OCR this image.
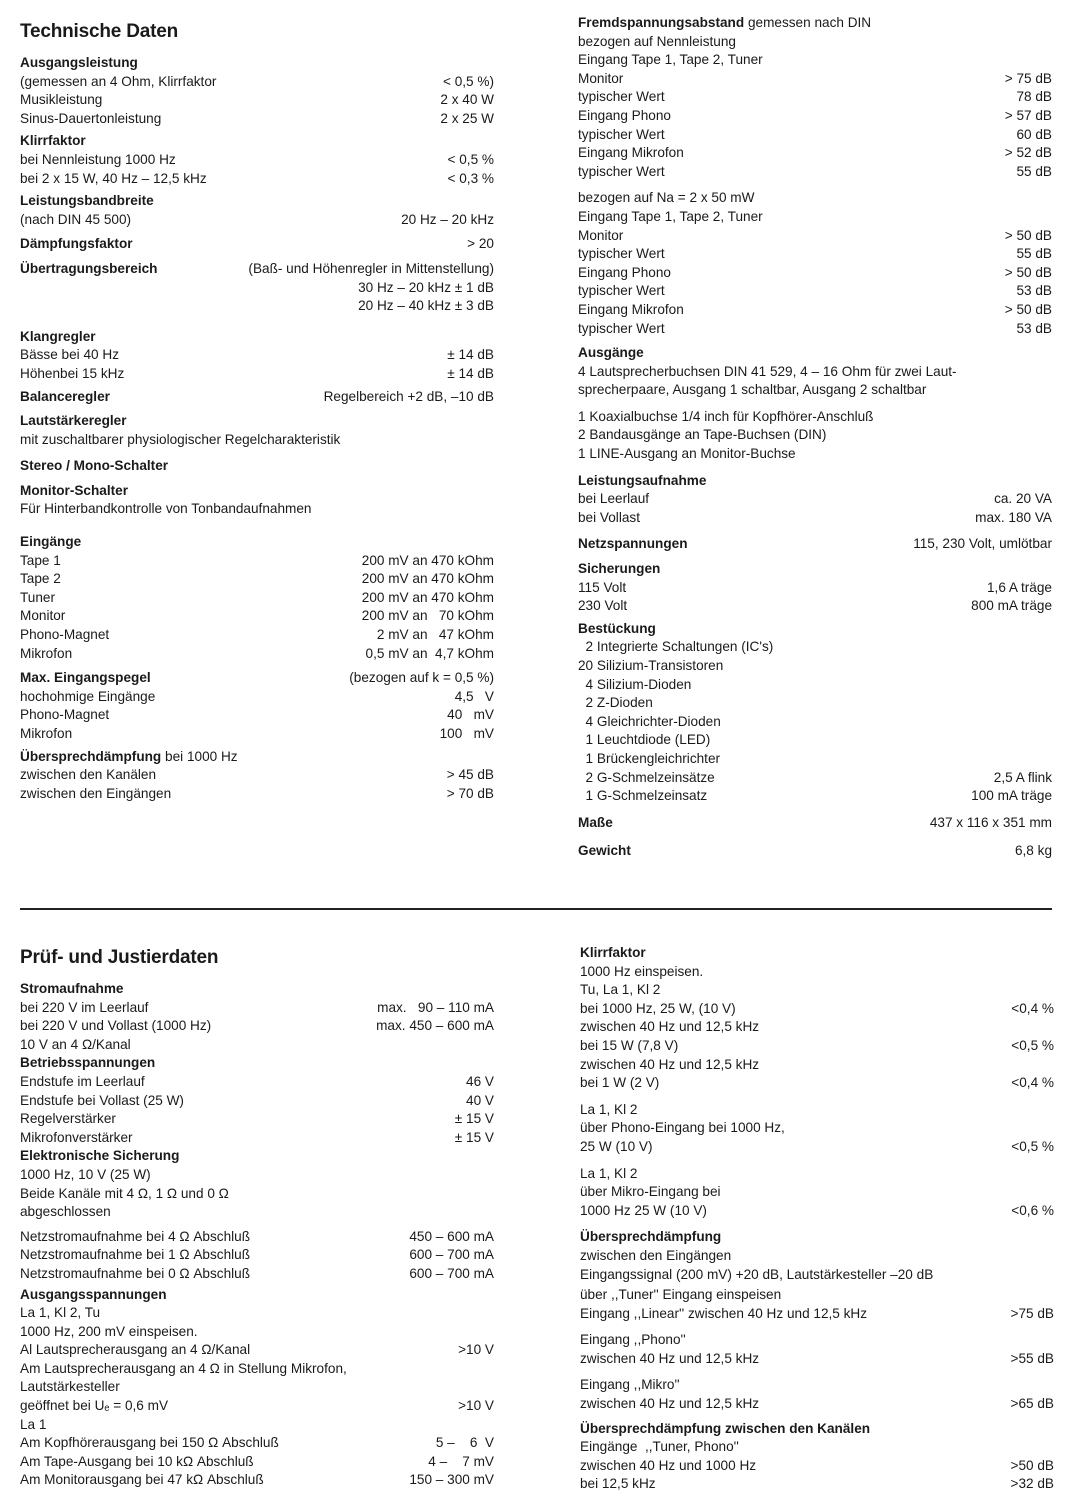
Technische Daten
Ausgangsleistung
(gemessen an 4 Ohm, Klirrfaktor	< 0,5 %)
Musikleistung	2 x 40 W
Sinus-Dauertonleistung	2 x 25 W
Klirrfaktor
bei Nennleistung 1000 Hz	< 0,5 %
bei 2 x 15 W, 40 Hz – 12,5 kHz	< 0,3 %
Leistungsbandbreite
(nach DIN 45 500)	20 Hz – 20 kHz
Dämpfungsfaktor	> 20
Übertragungsbereich	(Baß- und Höhenregler in Mittenstellung)
30 Hz – 20 kHz ± 1 dB
20 Hz – 40 kHz ± 3 dB
Klangregler
Bässe bei 40 Hz	± 14 dB
Höhenbei 15 kHz	± 14 dB
Balanceregler	Regelbereich +2 dB, –10 dB
Lautstärkeregler
mit zuschaltbarer physiologischer Regelcharakteristik
Stereo / Mono-Schalter
Monitor-Schalter
Für Hinterbandkontrolle von Tonbandaufnahmen
Eingänge
Tape 1	200 mV an 470 kOhm
Tape 2	200 mV an 470 kOhm
Tuner	200 mV an 470 kOhm
Monitor	200 mV an   70 kOhm
Phono-Magnet	2 mV an   47 kOhm
Mikrofon	0,5 mV an  4,7 kOhm
Max. Eingangspegel	(bezogen auf k = 0,5 %)
hochohmige Eingänge	4,5   V
Phono-Magnet	40   mV
Mikrofon	100   mV
Übersprechdämpfung bei 1000 Hz
zwischen den Kanälen	> 45 dB
zwischen den Eingängen	> 70 dB
Fremdspannungsabstand gemessen nach DIN
bezogen auf Nennleistung
Eingang Tape 1, Tape 2, Tuner
Monitor	> 75 dB
typischer Wert	78 dB
Eingang Phono	> 57 dB
typischer Wert	60 dB
Eingang Mikrofon	> 52 dB
typischer Wert	55 dB
bezogen auf Na = 2 x 50 mW
Eingang Tape 1, Tape 2, Tuner
Monitor	> 50 dB
typischer Wert	55 dB
Eingang Phono	> 50 dB
typischer Wert	53 dB
Eingang Mikrofon	> 50 dB
typischer Wert	53 dB
Ausgänge
4 Lautsprecherbuchsen DIN 41 529, 4 – 16 Ohm für zwei Laut-
sprecherpaare, Ausgang 1 schaltbar, Ausgang 2 schaltbar
1 Koaxialbuchse 1/4 inch für Kopfhörer-Anschluß
2 Bandausgänge an Tape-Buchsen (DIN)
1 LINE-Ausgang an Monitor-Buchse
Leistungsaufnahme
bei Leerlauf	ca. 20 VA
bei Vollast	max. 180 VA
Netzspannungen	115, 230 Volt, umlötbar
Sicherungen
115 Volt	1,6 A träge
230 Volt	800 mA träge
Bestückung
2 Integrierte Schaltungen (IC's)
20 Silizium-Transistoren
4 Silizium-Dioden
2 Z-Dioden
4 Gleichrichter-Dioden
1 Leuchtdiode (LED)
1 Brückengleichrichter
2 G-Schmelzeinsätze	2,5 A flink
1 G-Schmelzeinsatz	100 mA träge
Maße	437 x 116 x 351 mm
Gewicht	6,8 kg
Prüf- und Justierdaten
Stromaufnahme
bei 220 V im Leerlauf	max.   90 – 110 mA
bei 220 V und Vollast (1000 Hz)	max. 450 – 600 mA
10 V an 4 Ω/Kanal
Betriebsspannungen
Endstufe im Leerlauf	46 V
Endstufe bei Vollast (25 W)	40 V
Regelverstärker	± 15 V
Mikrofonverstärker	± 15 V
Elektronische Sicherung
1000 Hz, 10 V (25 W)
Beide Kanäle mit 4 Ω, 1 Ω und 0 Ω
abgeschlossen
Netzstromaufnahme bei 4 Ω Abschluß	450 – 600 mA
Netzstromaufnahme bei 1 Ω Abschluß	600 – 700 mA
Netzstromaufnahme bei 0 Ω Abschluß	600 – 700 mA
Ausgangsspannungen
La 1, Kl 2, Tu
1000 Hz, 200 mV einspeisen.
Al Lautsprecherausgang an 4 Ω/Kanal	>10 V
Am Lautsprecherausgang an 4 Ω in Stellung Mikrofon,
Lautstärkesteller
geöffnet bei Uₑ = 0,6 mV	>10 V
La 1
Am Kopfhörerausgang bei 150 Ω Abschluß	5 –    6  V
Am Tape-Ausgang bei 10 kΩ Abschluß	4 –    7 mV
Am Monitorausgang bei 47 kΩ Abschluß	150 – 300 mV
Klirrfaktor
1000 Hz einspeisen.
Tu, La 1, Kl 2
bei 1000 Hz, 25 W, (10 V)	<0,4 %
zwischen 40 Hz und 12,5 kHz
bei 15 W (7,8 V)	<0,5 %
zwischen 40 Hz und 12,5 kHz
bei 1 W (2 V)	<0,4 %
La 1, Kl 2
über Phono-Eingang bei 1000 Hz,
25 W (10 V)	<0,5 %
La 1, Kl 2
über Mikro-Eingang bei
1000 Hz 25 W (10 V)	<0,6 %
Übersprechdämpfung
zwischen den Eingängen
Eingangssignal (200 mV) +20 dB, Lautstärkesteller –20 dB
über ,,Tuner'' Eingang einspeisen
Eingang ,,Linear'' zwischen 40 Hz und 12,5 kHz	>75 dB
Eingang ,,Phono''
zwischen 40 Hz und 12,5 kHz	>55 dB
Eingang ,,Mikro''
zwischen 40 Hz und 12,5 kHz	>65 dB
Übersprechdämpfung zwischen den Kanälen
Eingänge  ,,Tuner, Phono''
zwischen 40 Hz und 1000 Hz	>50 dB
bei 12,5 kHz	>32 dB
